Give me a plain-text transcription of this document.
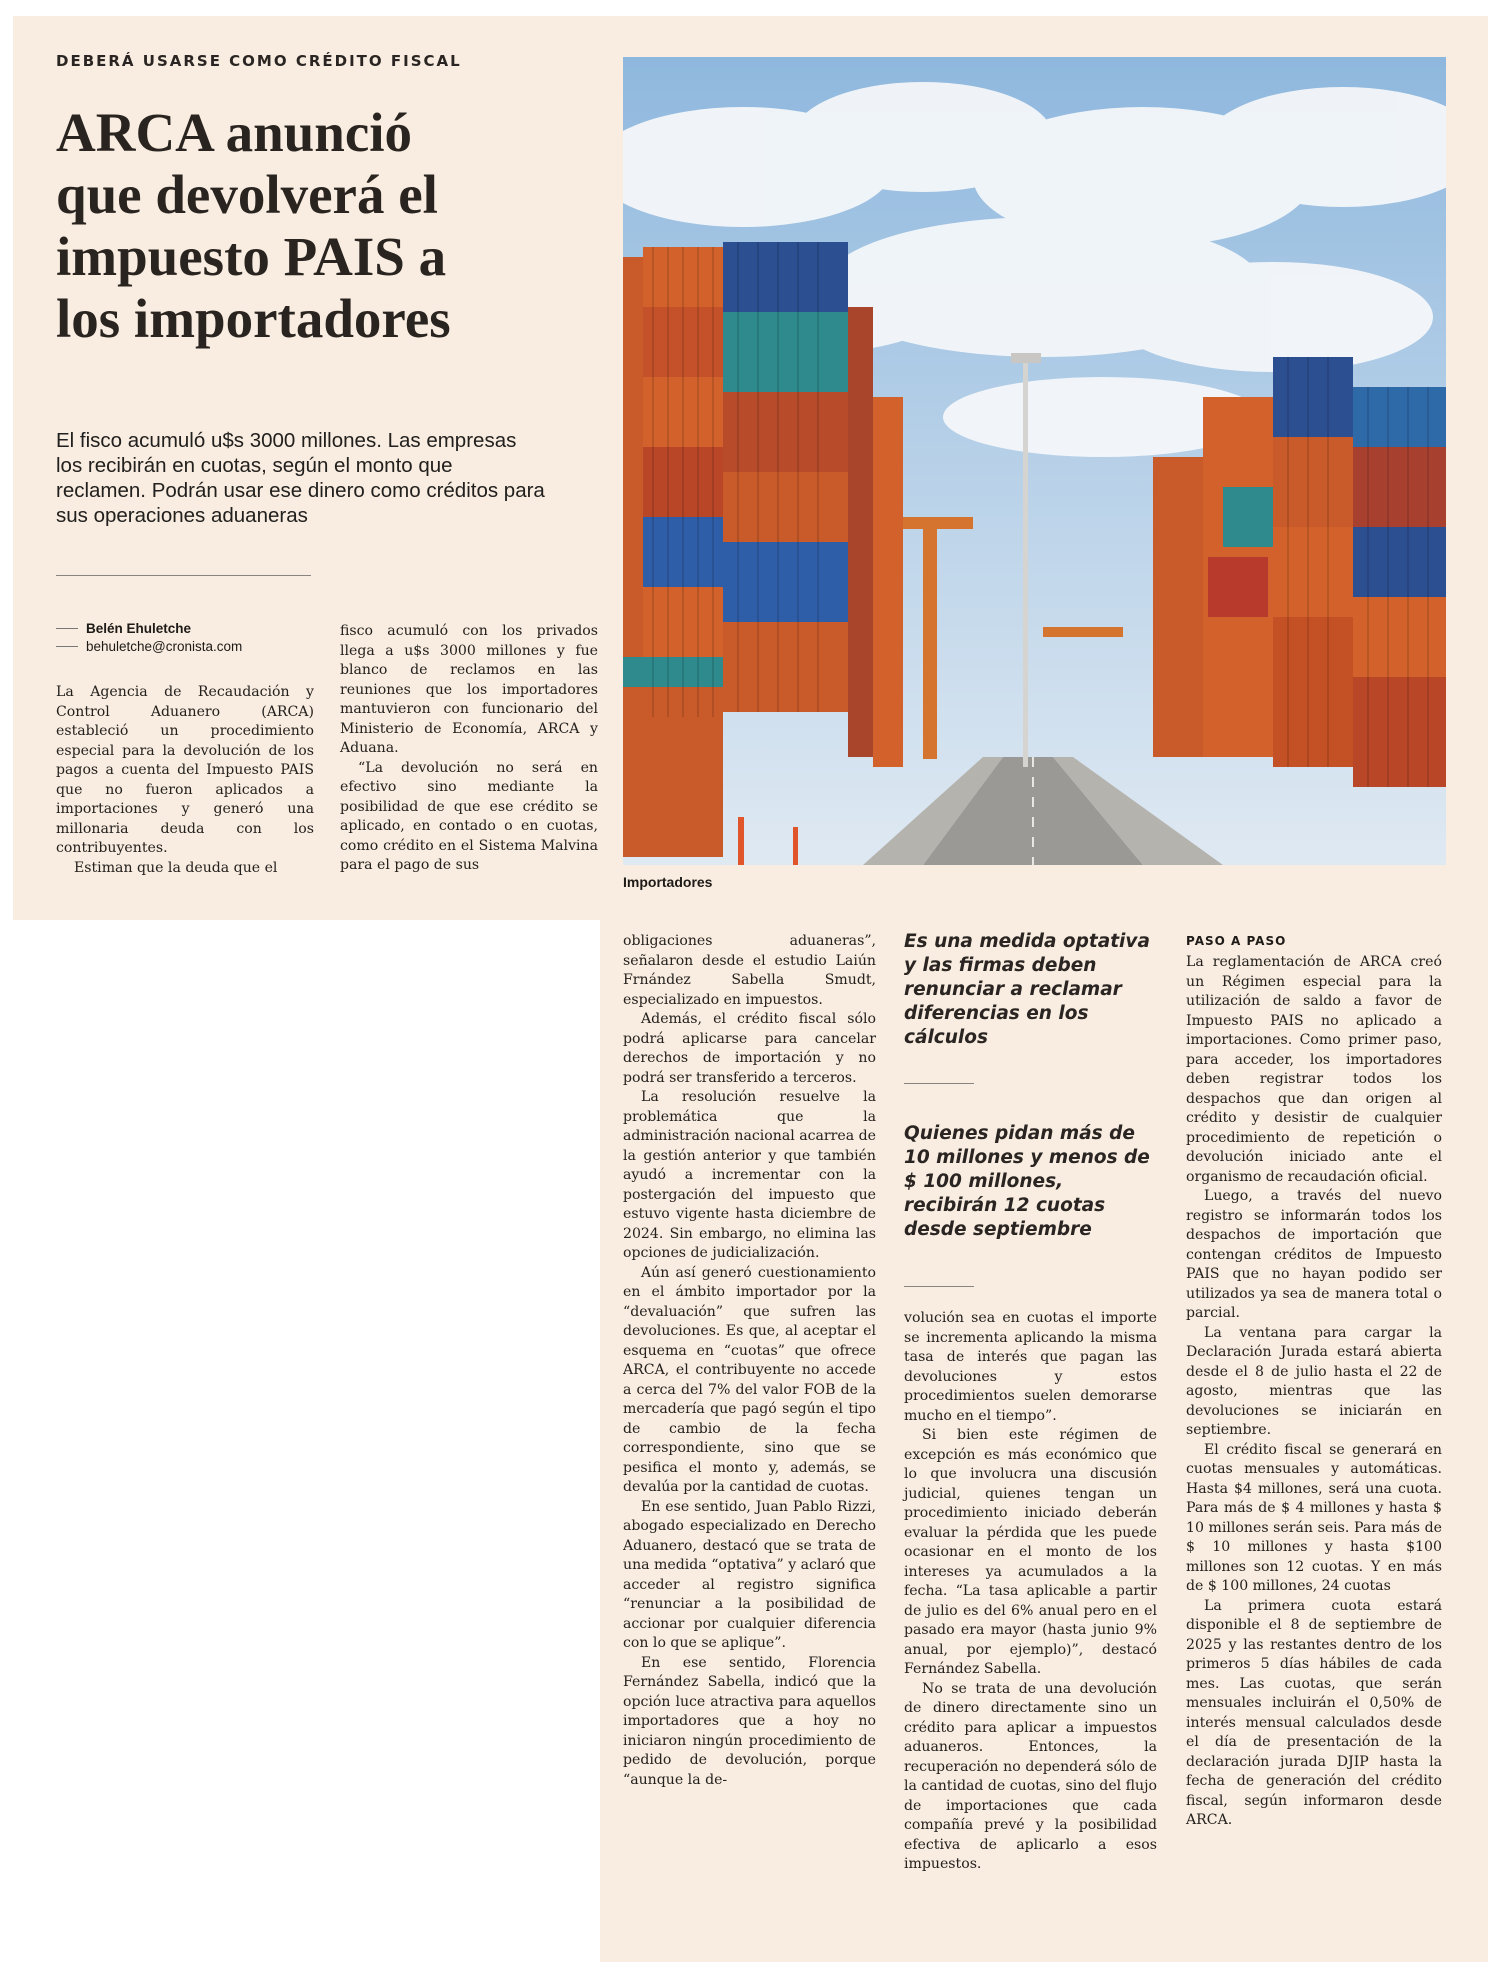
DEBERÁ USARSE COMO CRÉDITO FISCAL
ARCA anunció
que devolverá el
impuesto PAIS a
los importadores
El fisco acumuló u$s 3000 millones. Las empresas los recibirán en cuotas, según el monto que reclamen. Podrán usar ese dinero como créditos para sus operaciones aduaneras
Belén Ehuletche
behuletche@cronista.com

La Agencia de Recaudación y Control Aduanero (ARCA) estableció un procedimiento especial para la devolución de los pagos a cuenta del Impuesto PAIS que no fueron aplicados a importaciones y generó una millonaria deuda con los contribuyentes.

Estiman que la deuda que el

fisco acumuló con los privados llega a u$s 3000 millones y fue blanco de reclamos en las reuniones que los importadores mantuvieron con funcionario del Ministerio de Economía, ARCA y Aduana.

“La devolución no será en efectivo sino mediante la posibilidad de que ese crédito se aplicado, en contado o en cuotas, como crédito en el Sistema Malvina para el pago de sus

Importadores

obligaciones aduaneras”, señalaron desde el estudio Laiún Frnández Sabella Smudt, especializado en impuestos.

Además, el crédito fiscal sólo podrá aplicarse para cancelar derechos de importación y no podrá ser transferido a terceros.

La resolución resuelve la problemática que la administración nacional acarrea de la gestión anterior y que también ayudó a incrementar con la postergación del impuesto que estuvo vigente hasta diciembre de 2024. Sin embargo, no elimina las opciones de judicialización.

Aún así generó cuestionamiento en el ámbito importador por la “devaluación” que sufren las devoluciones. Es que, al aceptar el esquema en “cuotas” que ofrece ARCA, el contribuyente no accede a cerca del 7% del valor FOB de la mercadería que pagó según el tipo de cambio de la fecha correspondiente, sino que se pesifica el monto y, además, se devalúa por la cantidad de cuotas.

En ese sentido, Juan Pablo Rizzi, abogado especializado en Derecho Aduanero, destacó que se trata de una medida “optativa” y aclaró que acceder al registro significa “renunciar a la posibilidad de accionar por cualquier diferencia con lo que se aplique”.

En ese sentido, Florencia Fernández Sabella, indicó que la opción luce atractiva para aquellos importadores que a hoy no iniciaron ningún procedimiento de pedido de devolución, porque “aunque la de-

Es una medida optativa y las firmas deben renunciar a reclamar diferencias en los cálculos
Quienes pidan más de 10 millones y menos de $ 100 millones, recibirán 12 cuotas desde septiembre

volución sea en cuotas el importe se incrementa aplicando la misma tasa de interés que pagan las devoluciones y estos procedimientos suelen demorarse mucho en el tiempo”.

Si bien este régimen de excepción es más económico que lo que involucra una discusión judicial, quienes tengan un procedimiento iniciado deberán evaluar la pérdida que les puede ocasionar en el monto de los intereses ya acumulados a la fecha. “La tasa aplicable a partir de julio es del 6% anual pero en el pasado era mayor (hasta junio 9% anual, por ejemplo)”, destacó Fernández Sabella.

No se trata de una devolución de dinero directamente sino un crédito para aplicar a impuestos aduaneros. Entonces, la recuperación no dependerá sólo de la cantidad de cuotas, sino del flujo de importaciones que cada compañía prevé y la posibilidad efectiva de aplicarlo a esos impuestos.

PASO A PASO

La reglamentación de ARCA creó un Régimen especial para la utilización de saldo a favor de Impuesto PAIS no aplicado a importaciones. Como primer paso, para acceder, los importadores deben registrar todos los despachos que dan origen al crédito y desistir de cualquier procedimiento de repetición o devolución iniciado ante el organismo de recaudación oficial.

Luego, a través del nuevo registro se informarán todos los despachos de importación que contengan créditos de Impuesto PAIS que no hayan podido ser utilizados ya sea de manera total o parcial.

La ventana para cargar la Declaración Jurada estará abierta desde el 8 de julio hasta el 22 de agosto, mientras que las devoluciones se iniciarán en septiembre.

El crédito fiscal se generará en cuotas mensuales y automáticas. Hasta $4 millones, será una cuota. Para más de $ 4 millones y hasta $ 10 millones serán seis. Para más de $ 10 millones y hasta $100 millones son 12 cuotas. Y en más de $ 100 millones, 24 cuotas

La primera cuota estará disponible el 8 de septiembre de 2025 y las restantes dentro de los primeros 5 días hábiles de cada mes. Las cuotas, que serán mensuales incluirán el 0,50% de interés mensual calculados desde el día de presentación de la declaración jurada DJIP hasta la fecha de generación del crédito fiscal, según informaron desde ARCA.
